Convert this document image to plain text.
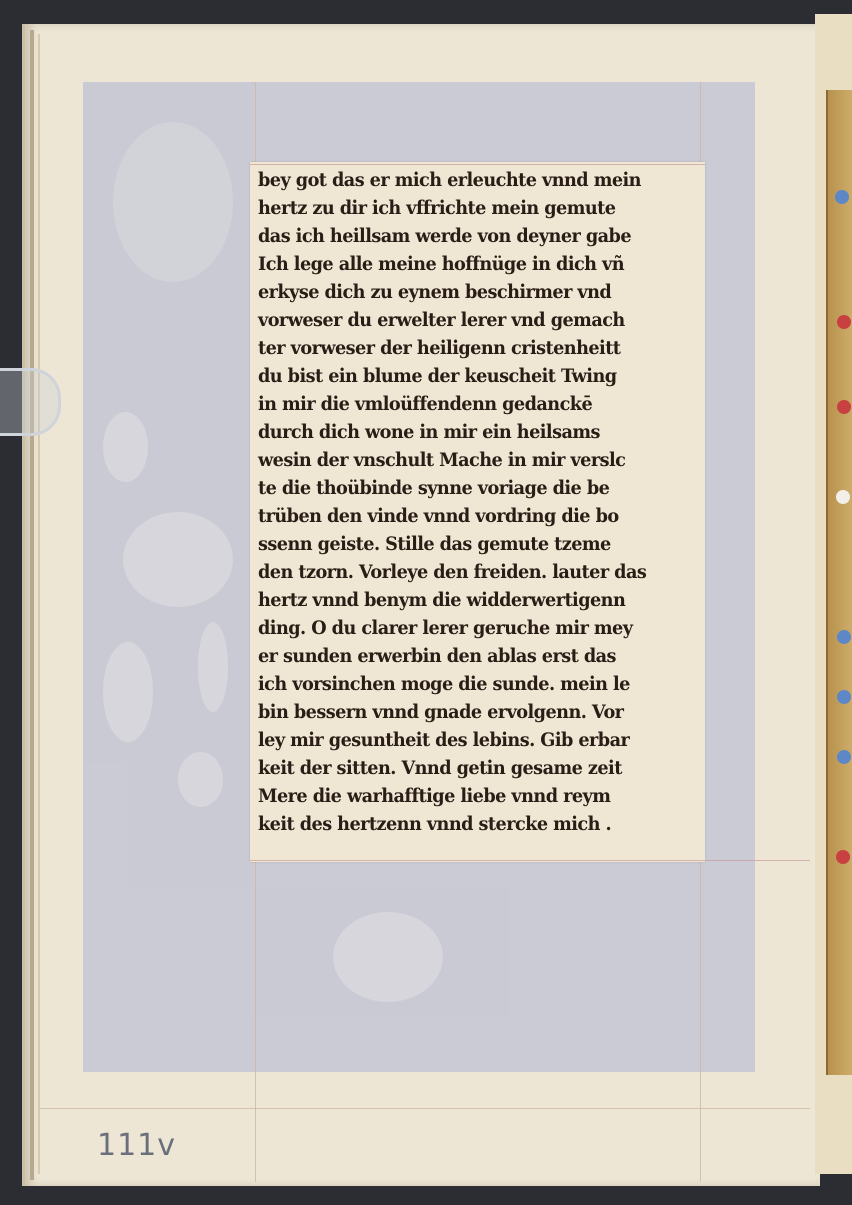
bey got das er mich erleuchte vnnd mein
hertz zu dir ich vffrichte mein gemute
das ich heillsam werde von deyner gabe
Ich lege alle meine hoffnüge in dich vñ
erkyse dich zu eynem beschirmer vnd
vorweser du erwelter lerer vnd gemach
ter vorweser der heiligenn cristenheitt
du bist ein blume der keuscheit Twing
in mir die vmloüffendenn gedanckē
durch dich wone in mir ein heilsams
wesin der vnschult Mache in mir verslc
te die thoübinde synne voriage die be
trüben den vinde vnnd vordring die bo
ssenn geiste. Stille das gemute tzeme
den tzorn. Vorleye den freiden. lauter das
hertz vnnd benym die widderwertigenn
ding. O du clarer lerer geruche mir mey
er sunden erwerbin den ablas erst das
ich vorsinchen moge die sunde. mein le
bin bessern vnnd gnade ervolgenn. Vor
ley mir gesuntheit des lebins. Gib erbar
keit der sitten. Vnnd getin gesame zeit
Mere die warhafftige liebe vnnd reym
keit des hertzenn vnnd stercke mich .
111v
